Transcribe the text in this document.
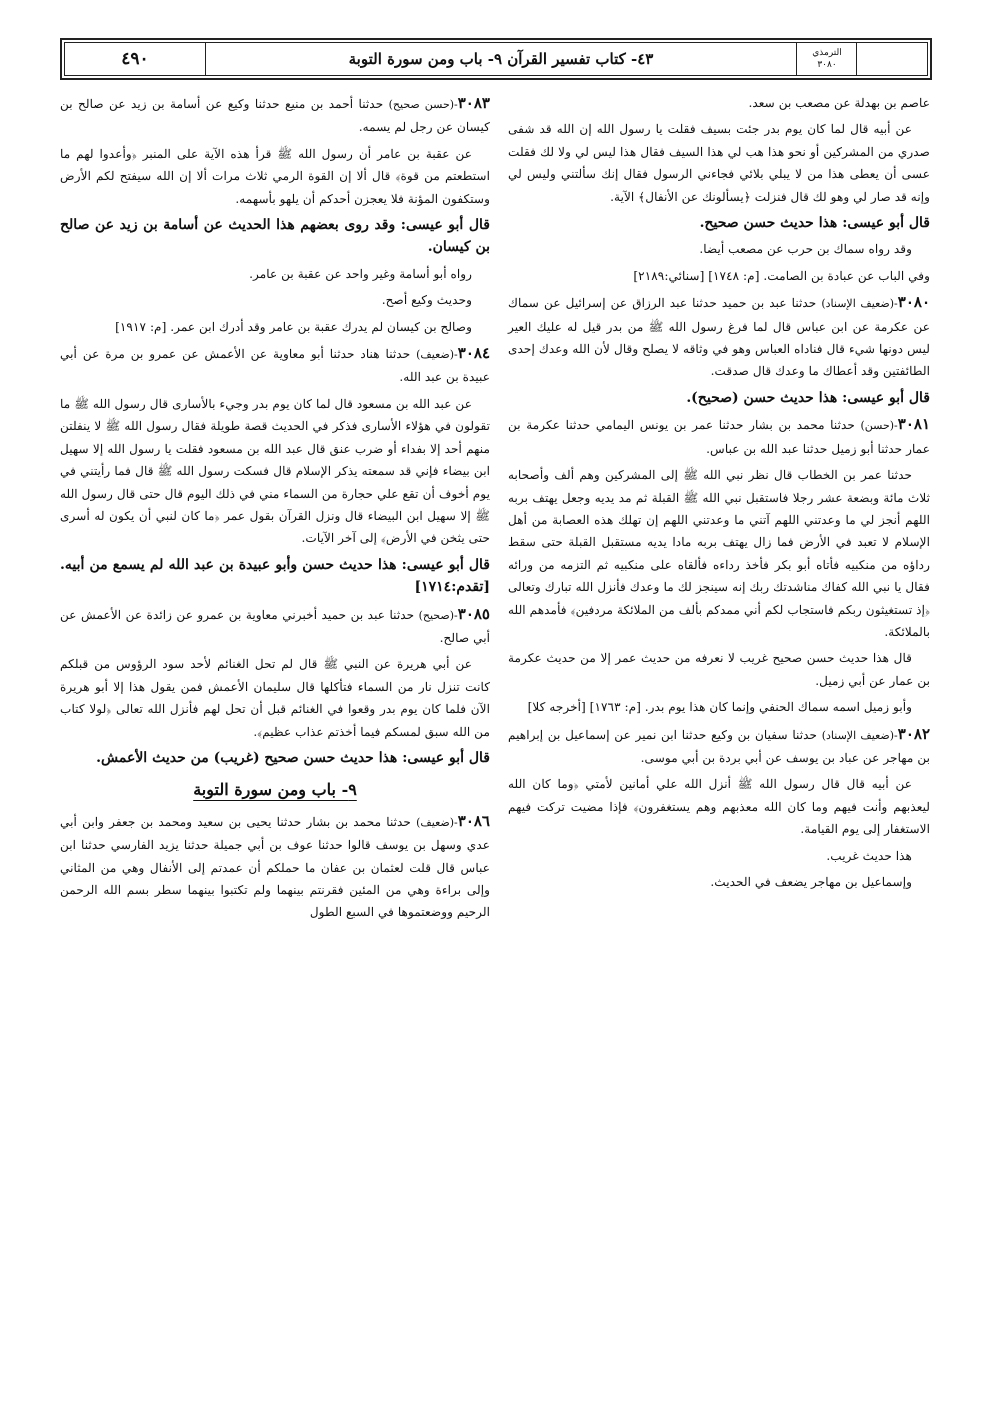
٤٩٠	٤٣- كتاب تفسير القرآن ٩- باب ومن سورة التوبة	الترمذي
٣٠٨٠

عاصم بن بهدلة عن مصعب بن سعد.

عن أبيه قال لما كان يوم بدر جئت بسيف فقلت يا رسول الله إن الله قد شفى صدري من المشركين أو نحو هذا هب لي هذا السيف فقال هذا ليس لي ولا لك فقلت عسى أن يعطى هذا من لا يبلي بلائي فجاءني الرسول فقال إنك سألتني وليس لي وإنه قد صار لي وهو لك قال فنزلت ﴿يسألونك عن الأنفال﴾ الآية.

قال أبو عيسى: هذا حديث حسن صحيح.

وقد رواه سماك بن حرب عن مصعب أيضا.

وفي الباب عن عبادة بن الصامت. [م: ١٧٤٨] [سنائي:٢١٨٩]

٣٠٨٠-(ضعيف الإسناد) حدثنا عبد بن حميد حدثنا عبد الرزاق عن إسرائيل عن سماك عن عكرمة عن ابن عباس قال لما فرغ رسول الله ﷺ من بدر قيل له عليك العير ليس دونها شيء قال فناداه العباس وهو في وثاقه لا يصلح وقال لأن الله وعدك إحدى الطائفتين وقد أعطاك ما وعدك قال صدقت.

قال أبو عيسى: هذا حديث حسن (صحيح).

٣٠٨١-(حسن) حدثنا محمد بن بشار حدثنا عمر بن يونس اليمامي حدثنا عكرمة بن عمار حدثنا أبو زميل حدثنا عبد الله بن عباس.

حدثنا عمر بن الخطاب قال نظر نبي الله ﷺ إلى المشركين وهم ألف وأصحابه ثلاث مائة وبضعة عشر رجلا فاستقبل نبي الله ﷺ القبلة ثم مد يديه وجعل يهتف بربه اللهم أنجز لي ما وعدتني اللهم آتني ما وعدتني اللهم إن تهلك هذه العصابة من أهل الإسلام لا تعبد في الأرض فما زال يهتف بربه مادا يديه مستقبل القبلة حتى سقط رداؤه من منكبيه فأتاه أبو بكر فأخذ رداءه فألقاه على منكبيه ثم التزمه من ورائه فقال يا نبي الله كفاك مناشدتك ربك إنه سينجز لك ما وعدك فأنزل الله تبارك وتعالى ﴿إذ تستغيثون ربكم فاستجاب لكم أني ممدكم بألف من الملائكة مردفين﴾ فأمدهم الله بالملائكة.

قال هذا حديث حسن صحيح غريب لا نعرفه من حديث عمر إلا من حديث عكرمة بن عمار عن أبي زميل.

وأبو زميل اسمه سماك الحنفي وإنما كان هذا يوم بدر. [م: ١٧٦٣] [أخرجه كلا]

٣٠٨٢-(ضعيف الإسناد) حدثنا سفيان بن وكيع حدثنا ابن نمير عن إسماعيل بن إبراهيم بن مهاجر عن عباد بن يوسف عن أبي بردة بن أبي موسى.

عن أبيه قال قال رسول الله ﷺ أنزل الله علي أمانين لأمتي ﴿وما كان الله ليعذبهم وأنت فيهم وما كان الله معذبهم وهم يستغفرون﴾ فإذا مضيت تركت فيهم الاستغفار إلى يوم القيامة.

هذا حديث غريب.

وإسماعيل بن مهاجر يضعف في الحديث.

٣٠٨٣-(حسن صحيح) حدثنا أحمد بن منيع حدثنا وكيع عن أسامة بن زيد عن صالح بن كيسان عن رجل لم يسمه.

عن عقبة بن عامر أن رسول الله ﷺ قرأ هذه الآية على المنبر ﴿وأعدوا لهم ما استطعتم من قوة﴾ قال ألا إن القوة الرمي ثلاث مرات ألا إن الله سيفتح لكم الأرض وستكفون المؤنة فلا يعجزن أحدكم أن يلهو بأسهمه.

قال أبو عيسى: وقد روى بعضهم هذا الحديث عن أسامة بن زيد عن صالح بن كيسان.

رواه أبو أسامة وغير واحد عن عقبة بن عامر.

وحديث وكيع أصح.

وصالح بن كيسان لم يدرك عقبة بن عامر وقد أدرك ابن عمر. [م: ١٩١٧]

٣٠٨٤-(ضعيف) حدثنا هناد حدثنا أبو معاوية عن الأعمش عن عمرو بن مرة عن أبي عبيدة بن عبد الله.

عن عبد الله بن مسعود قال لما كان يوم بدر وجيء بالأسارى قال رسول الله ﷺ ما تقولون في هؤلاء الأسارى فذكر في الحديث قصة طويلة فقال رسول الله ﷺ لا ينفلتن منهم أحد إلا بفداء أو ضرب عنق قال عبد الله بن مسعود فقلت يا رسول الله إلا سهيل ابن بيضاء فإني قد سمعته يذكر الإسلام قال فسكت رسول الله ﷺ قال فما رأيتني في يوم أخوف أن تقع علي حجارة من السماء مني في ذلك اليوم قال حتى قال رسول الله ﷺ إلا سهيل ابن البيضاء قال ونزل القرآن بقول عمر ﴿ما كان لنبي أن يكون له أسرى حتى يثخن في الأرض﴾ إلى آخر الآيات.

قال أبو عيسى: هذا حديث حسن وأبو عبيدة بن عبد الله لم يسمع من أبيه. [تقدم:١٧١٤]

٣٠٨٥-(صحيح) حدثنا عبد بن حميد أخبرني معاوية بن عمرو عن زائدة عن الأعمش عن أبي صالح.

عن أبي هريرة عن النبي ﷺ قال لم تحل الغنائم لأحد سود الرؤوس من قبلكم كانت تنزل نار من السماء فتأكلها قال سليمان الأعمش فمن يقول هذا إلا أبو هريرة الآن فلما كان يوم بدر وقعوا في الغنائم قبل أن تحل لهم فأنزل الله تعالى ﴿لولا كتاب من الله سبق لمسكم فيما أخذتم عذاب عظيم﴾.

قال أبو عيسى: هذا حديث حسن صحيح (غريب) من حديث الأعمش.

٩- باب ومن سورة التوبة

٣٠٨٦-(ضعيف) حدثنا محمد بن بشار حدثنا يحيى بن سعيد ومحمد بن جعفر وابن أبي عدي وسهل بن يوسف قالوا حدثنا عوف بن أبي جميلة حدثنا يزيد الفارسي حدثنا ابن عباس قال قلت لعثمان بن عفان ما حملكم أن عمدتم إلى الأنفال وهي من المثاني وإلى براءة وهي من المئين فقرنتم بينهما ولم تكتبوا بينهما سطر بسم الله الرحمن الرحيم ووضعتموها في السبع الطول
